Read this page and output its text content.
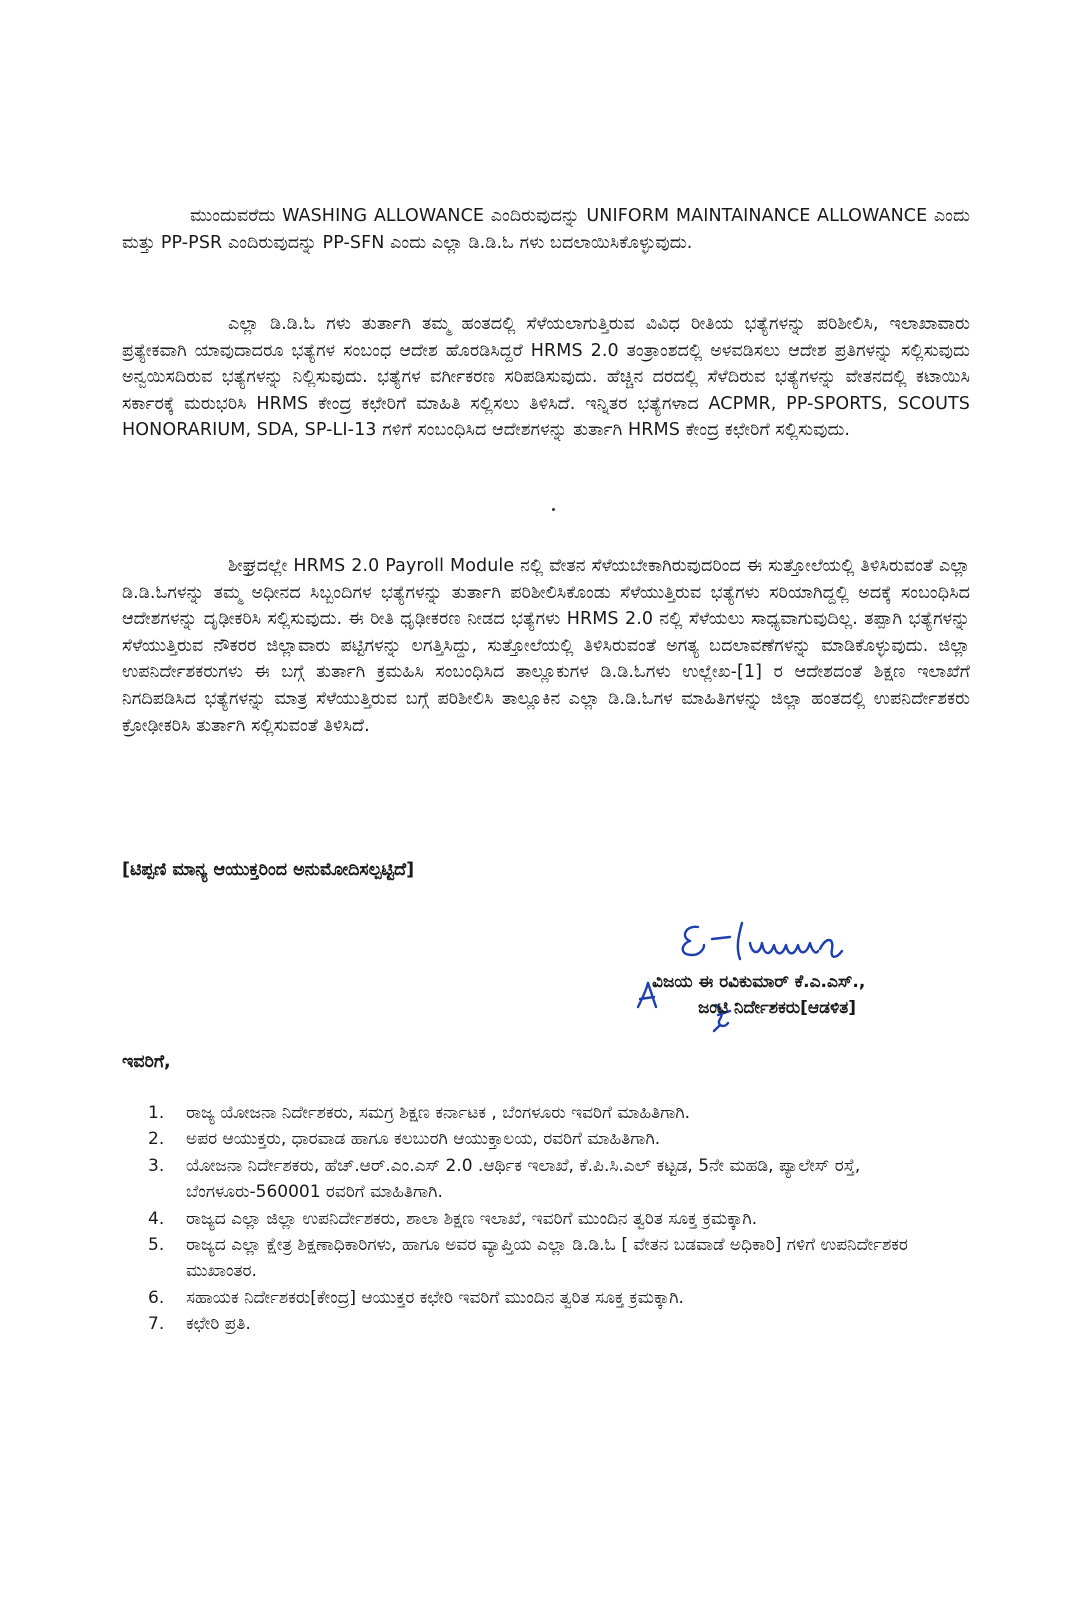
ಮುಂದುವರೆದು WASHING ALLOWANCE ಎಂದಿರುವುದನ್ನು UNIFORM MAINTAINANCE ALLOWANCE ಎಂದು ಮತ್ತು PP-PSR ಎಂದಿರುವುದನ್ನು PP-SFN ಎಂದು ಎಲ್ಲಾ ಡಿ.ಡಿ.ಓ ಗಳು ಬದಲಾಯಿಸಿಕೊಳ್ಳುವುದು.

ಎಲ್ಲಾ ಡಿ.ಡಿ.ಓ ಗಳು ತುರ್ತಾಗಿ ತಮ್ಮ ಹಂತದಲ್ಲಿ ಸೆಳೆಯಲಾಗುತ್ತಿರುವ ವಿವಿಧ ರೀತಿಯ ಭತ್ಯೆಗಳನ್ನು ಪರಿಶೀಲಿಸಿ, ಇಲಾಖಾವಾರು ಪ್ರತ್ಯೇಕವಾಗಿ ಯಾವುದಾದರೂ ಭತ್ಯೆಗಳ ಸಂಬಂಧ ಆದೇಶ ಹೊರಡಿಸಿದ್ದರೆ HRMS 2.0 ತಂತ್ರಾಂಶದಲ್ಲಿ ಅಳವಡಿಸಲು ಆದೇಶ ಪ್ರತಿಗಳನ್ನು ಸಲ್ಲಿಸುವುದು ಅನ್ವಯಿಸದಿರುವ ಭತ್ಯೆಗಳನ್ನು ನಿಲ್ಲಿಸುವುದು. ಭತ್ಯೆಗಳ ವರ್ಗೀಕರಣ ಸರಿಪಡಿಸುವುದು. ಹೆಚ್ಚಿನ ದರದಲ್ಲಿ ಸೆಳೆದಿರುವ ಭತ್ಯೆಗಳನ್ನು ವೇತನದಲ್ಲಿ ಕಟಾಯಿಸಿ ಸರ್ಕಾರಕ್ಕೆ ಮರುಭರಿಸಿ HRMS ಕೇಂದ್ರ ಕಛೇರಿಗೆ ಮಾಹಿತಿ ಸಲ್ಲಿಸಲು ತಿಳಿಸಿದೆ. ಇನ್ನಿತರ ಭತ್ಯೆಗಳಾದ ACPMR, PP-SPORTS, SCOUTS HONORARIUM, SDA, SP-LI-13 ಗಳಿಗೆ ಸಂಬಂಧಿಸಿದ ಆದೇಶಗಳನ್ನು ತುರ್ತಾಗಿ HRMS ಕೇಂದ್ರ ಕಛೇರಿಗೆ ಸಲ್ಲಿಸುವುದು.

ಶೀಘ್ರದಲ್ಲೇ HRMS 2.0 Payroll Module ನಲ್ಲಿ ವೇತನ ಸೆಳೆಯಬೇಕಾಗಿರುವುದರಿಂದ ಈ ಸುತ್ತೋಲೆಯಲ್ಲಿ ತಿಳಿಸಿರುವಂತೆ ಎಲ್ಲಾ ಡಿ.ಡಿ.ಓಗಳನ್ನು ತಮ್ಮ ಅಧೀನದ ಸಿಬ್ಬಂದಿಗಳ ಭತ್ಯೆಗಳನ್ನು ತುರ್ತಾಗಿ ಪರಿಶೀಲಿಸಿಕೊಂಡು ಸೆಳೆಯುತ್ತಿರುವ ಭತ್ಯೆಗಳು ಸರಿಯಾಗಿದ್ದಲ್ಲಿ ಅದಕ್ಕೆ ಸಂಬಂಧಿಸಿದ ಆದೇಶಗಳನ್ನು ದೃಢೀಕರಿಸಿ ಸಲ್ಲಿಸುವುದು. ಈ ರೀತಿ ಧೃಢೀಕರಣ ನೀಡದ ಭತ್ಯೆಗಳು HRMS 2.0 ನಲ್ಲಿ ಸೆಳೆಯಲು ಸಾಧ್ಯವಾಗುವುದಿಲ್ಲ. ತಪ್ಪಾಗಿ ಭತ್ಯೆಗಳನ್ನು ಸೆಳೆಯುತ್ತಿರುವ ನೌಕರರ ಜಿಲ್ಲಾವಾರು ಪಟ್ಟಿಗಳನ್ನು ಲಗತ್ತಿಸಿದ್ದು, ಸುತ್ತೋಲೆಯಲ್ಲಿ ತಿಳಿಸಿರುವಂತೆ ಅಗತ್ಯ ಬದಲಾವಣೆಗಳನ್ನು ಮಾಡಿಕೊಳ್ಳುವುದು. ಜಿಲ್ಲಾ ಉಪನಿರ್ದೇಶಕರುಗಳು ಈ ಬಗ್ಗೆ ತುರ್ತಾಗಿ ಕ್ರಮಹಿಸಿ ಸಂಬಂಧಿಸಿದ ತಾಲ್ಲೂಕುಗಳ ಡಿ.ಡಿ.ಓಗಳು ಉಲ್ಲೇಖ-[1] ರ ಆದೇಶದಂತೆ ಶಿಕ್ಷಣ ಇಲಾಖೆಗೆ ನಿಗದಿಪಡಿಸಿದ ಭತ್ಯೆಗಳನ್ನು ಮಾತ್ರ ಸೆಳೆಯುತ್ತಿರುವ ಬಗ್ಗೆ ಪರಿಶೀಲಿಸಿ ತಾಲ್ಲೂಕಿನ ಎಲ್ಲಾ ಡಿ.ಡಿ.ಓಗಳ ಮಾಹಿತಿಗಳನ್ನು ಜಿಲ್ಲಾ ಹಂತದಲ್ಲಿ ಉಪನಿರ್ದೇಶಕರು ಕ್ರೋಢೀಕರಿಸಿ ತುರ್ತಾಗಿ ಸಲ್ಲಿಸುವಂತೆ ತಿಳಿಸಿದೆ.

[ಟಿಪ್ಪಣಿ ಮಾನ್ಯ ಆಯುಕ್ತರಿಂದ ಅನುಮೋದಿಸಲ್ಪಟ್ಟಿದೆ]

ವಿಜಯ ಈ ರವಿಕುಮಾರ್ ಕೆ.ಎ.ಎಸ್.,
ಜಂಟಿ ನಿರ್ದೇಶಕರು[ಆಡಳಿತ]

ಇವರಿಗೆ,

1.	ರಾಜ್ಯ ಯೋಜನಾ ನಿರ್ದೇಶಕರು, ಸಮಗ್ರ ಶಿಕ್ಷಣ ಕರ್ನಾಟಕ , ಬೆಂಗಳೂರು ಇವರಿಗೆ ಮಾಹಿತಿಗಾಗಿ.
2.	ಅಪರ ಆಯುಕ್ತರು, ಧಾರವಾಡ ಹಾಗೂ ಕಲಬುರಗಿ ಆಯುಕ್ತಾಲಯ, ರವರಿಗೆ ಮಾಹಿತಿಗಾಗಿ.
3.	ಯೋಜನಾ ನಿರ್ದೇಶಕರು, ಹೆಚ್.ಆರ್.ಎಂ.ಎಸ್ 2.0 .ಆರ್ಥಿಕ ಇಲಾಖೆ, ಕೆ.ಪಿ.ಸಿ.ಎಲ್ ಕಟ್ಟಡ, 5ನೇ ಮಹಡಿ, ಪ್ಯಾಲೇಸ್ ರಸ್ತೆ, ಬೆಂಗಳೂರು-560001 ರವರಿಗೆ ಮಾಹಿತಿಗಾಗಿ.
4.	ರಾಜ್ಯದ ಎಲ್ಲಾ ಜಿಲ್ಲಾ ಉಪನಿರ್ದೇಶಕರು, ಶಾಲಾ ಶಿಕ್ಷಣ ಇಲಾಖೆ, ಇವರಿಗೆ ಮುಂದಿನ ತ್ವರಿತ ಸೂಕ್ತ ಕ್ರಮಕ್ಕಾಗಿ.
5.	ರಾಜ್ಯದ ಎಲ್ಲಾ ಕ್ಷೇತ್ರ ಶಿಕ್ಷಣಾಧಿಕಾರಿಗಳು, ಹಾಗೂ ಅವರ ವ್ಯಾಪ್ತಿಯ ಎಲ್ಲಾ ಡಿ.ಡಿ.ಓ [ ವೇತನ ಬಡವಾಡೆ ಅಧಿಕಾರಿ] ಗಳಿಗೆ ಉಪನಿರ್ದೇಶಕರ ಮುಖಾಂತರ.
6.	ಸಹಾಯಕ ನಿರ್ದೇಶಕರು[ಕೇಂದ್ರ] ಆಯುಕ್ತರ ಕಛೇರಿ ಇವರಿಗೆ ಮುಂದಿನ ತ್ವರಿತ ಸೂಕ್ತ ಕ್ರಮಕ್ಕಾಗಿ.
7.	ಕಛೇರಿ ಪ್ರತಿ.
